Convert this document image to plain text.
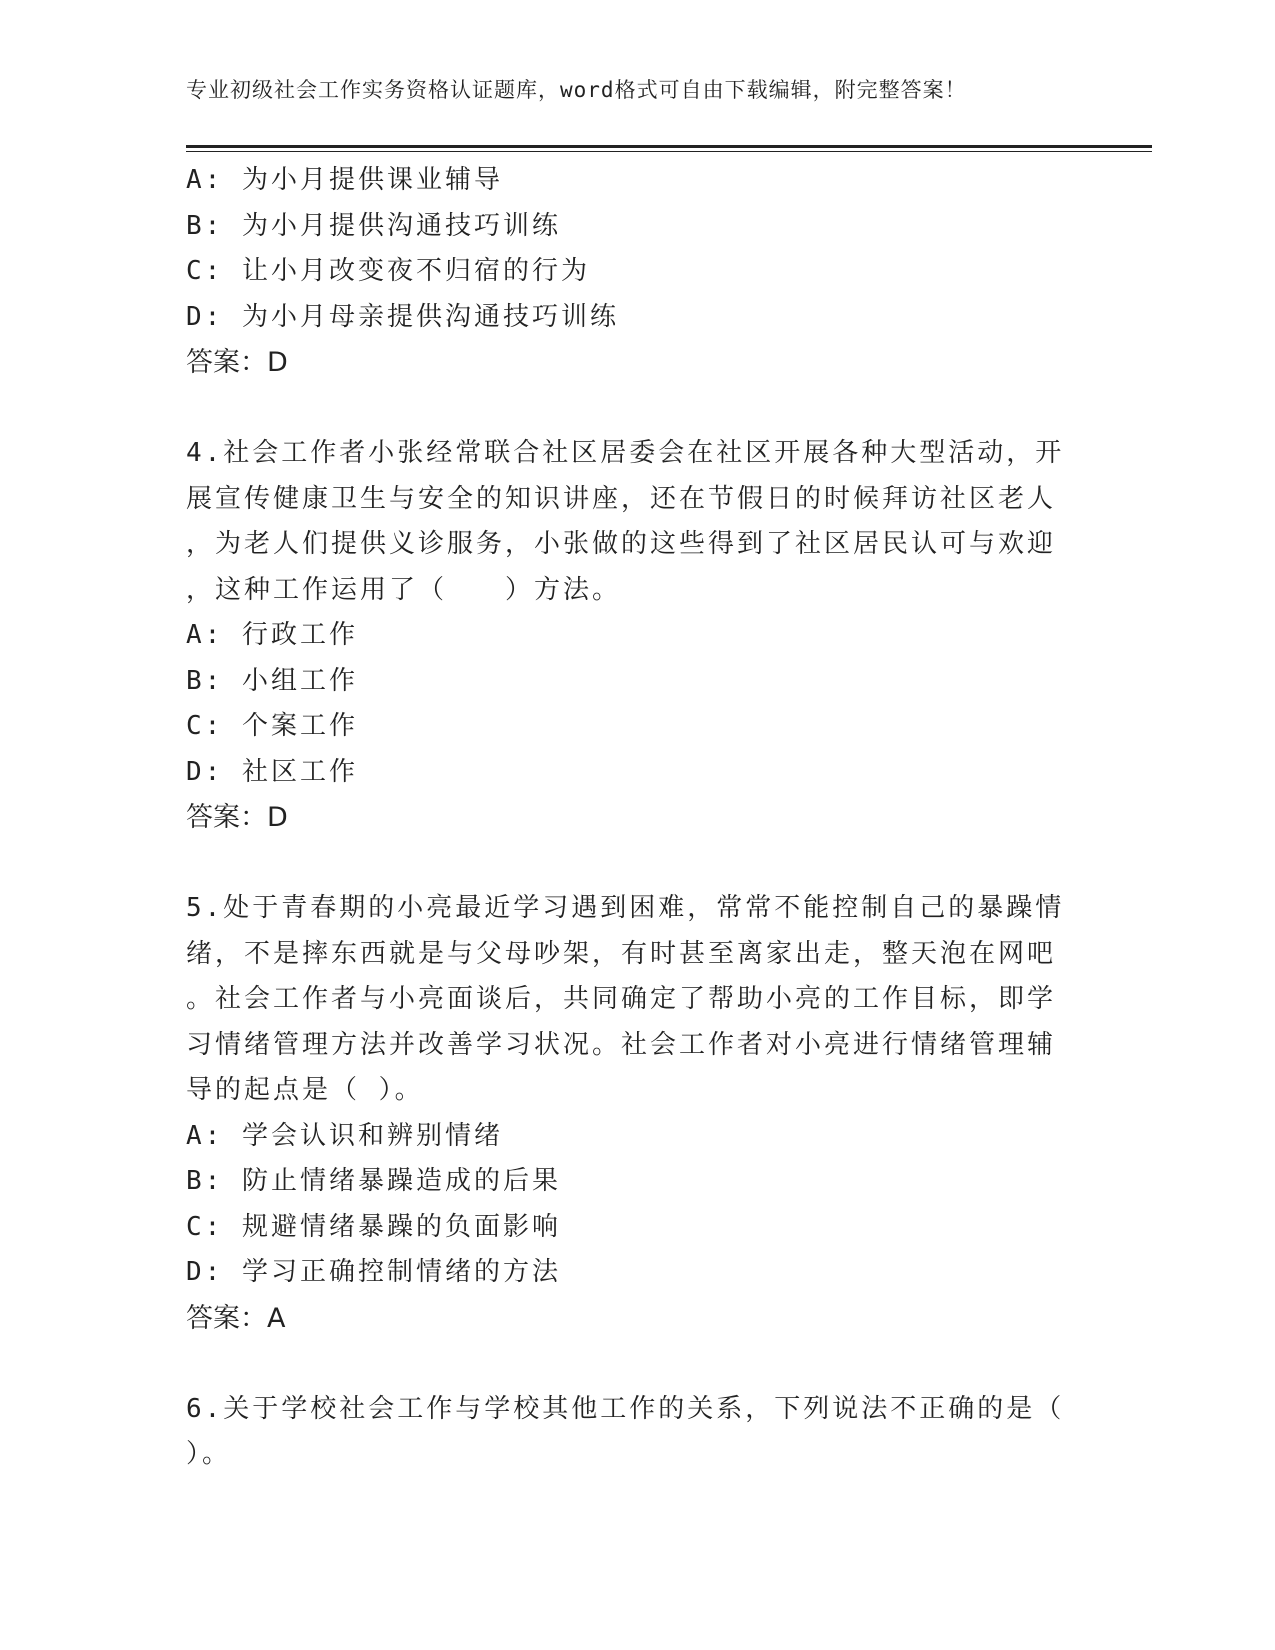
专业初级社会工作实务资格认证题库，word格式可自由下载编辑，附完整答案！

A: 为小月提供课业辅导

B: 为小月提供沟通技巧训练

C: 让小月改变夜不归宿的行为

D: 为小月母亲提供沟通技巧训练

答案：D

4.社会工作者小张经常联合社区居委会在社区开展各种大型活动，开

展宣传健康卫生与安全的知识讲座，还在节假日的时候拜访社区老人

，为老人们提供义诊服务，小张做的这些得到了社区居民认可与欢迎

，这种工作运用了（　　）方法。

A: 行政工作

B: 小组工作

C: 个案工作

D: 社区工作

答案：D

5.处于青春期的小亮最近学习遇到困难，常常不能控制自己的暴躁情

绪，不是摔东西就是与父母吵架，有时甚至离家出走，整天泡在网吧

。社会工作者与小亮面谈后，共同确定了帮助小亮的工作目标，即学

习情绪管理方法并改善学习状况。社会工作者对小亮进行情绪管理辅

导的起点是（ ）。

A: 学会认识和辨别情绪

B: 防止情绪暴躁造成的后果

C: 规避情绪暴躁的负面影响

D: 学习正确控制情绪的方法

答案：A

6.关于学校社会工作与学校其他工作的关系，下列说法不正确的是（

）。
